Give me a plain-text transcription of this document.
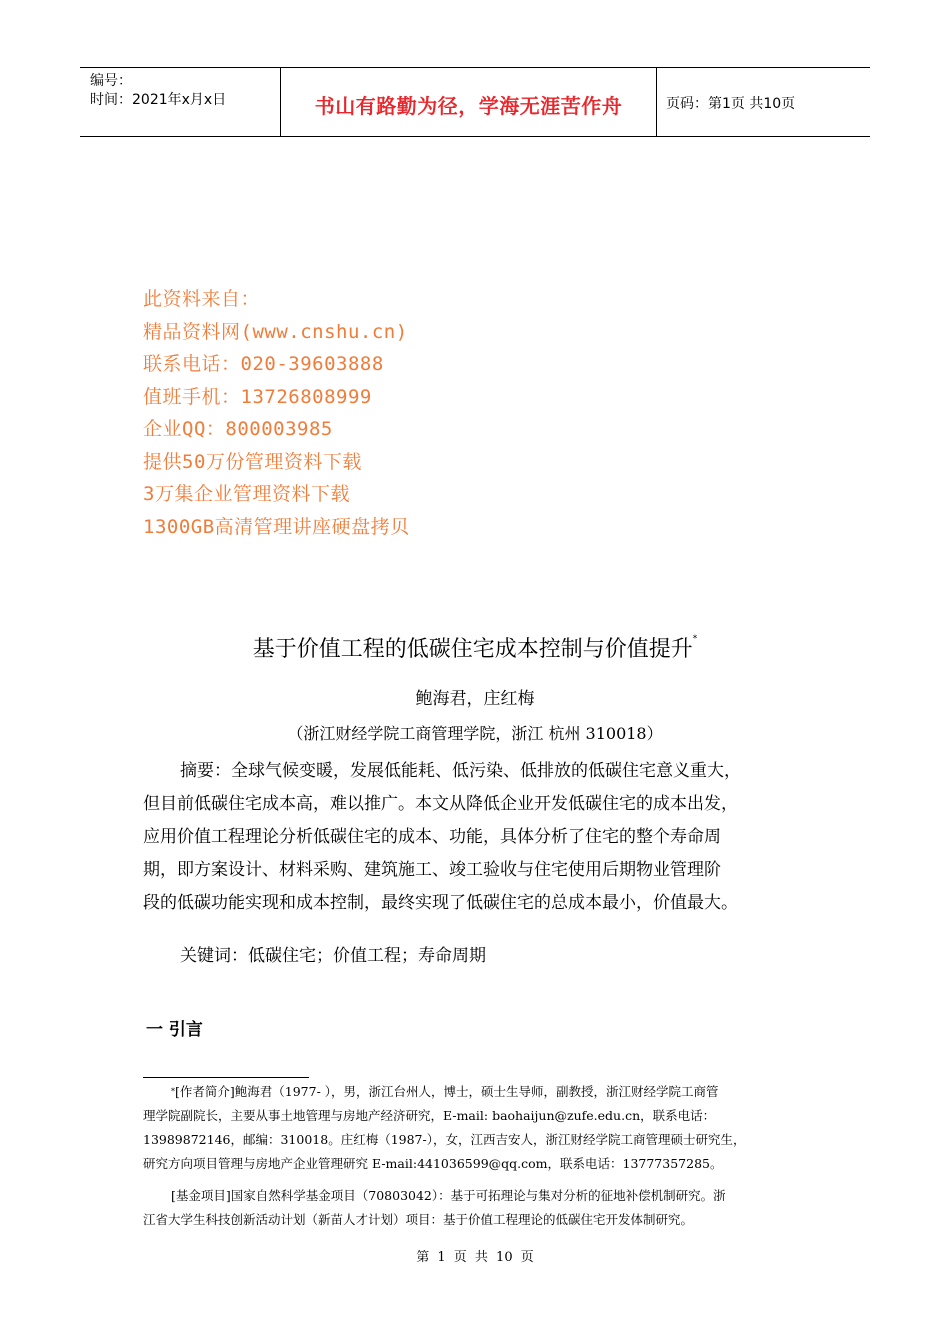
编号：
时间：2021年x月x日	书山有路勤为径，学海无涯苦作舟	页码：第1页 共10页
此资料来自：
精品资料网(www.cnshu.cn)
联系电话：020-39603888
值班手机：13726808999
企业QQ：800003985
提供50万份管理资料下载
3万集企业管理资料下载
1300GB高清管理讲座硬盘拷贝
基于价值工程的低碳住宅成本控制与价值提升*
鲍海君，庄红梅
（浙江财经学院工商管理学院，浙江 杭州 310018）
摘要：全球气候变暖，发展低能耗、低污染、低排放的低碳住宅意义重大，
但目前低碳住宅成本高，难以推广。本文从降低企业开发低碳住宅的成本出发，
应用价值工程理论分析低碳住宅的成本、功能，具体分析了住宅的整个寿命周
期，即方案设计、材料采购、建筑施工、竣工验收与住宅使用后期物业管理阶
段的低碳功能实现和成本控制，最终实现了低碳住宅的总成本最小，价值最大。
关键词：低碳住宅；价值工程；寿命周期
一 引言
*[作者简介]鲍海君（1977- ），男，浙江台州人，博士，硕士生导师，副教授，浙江财经学院工商管
理学院副院长，主要从事土地管理与房地产经济研究，E-mail: baohaijun@zufe.edu.cn，联系电话：
13989872146，邮编：310018。庄红梅（1987-），女，江西吉安人，浙江财经学院工商管理硕士研究生，
研究方向项目管理与房地产企业管理研究 E-mail:441036599@qq.com，联系电话：13777357285。
[基金项目]国家自然科学基金项目（70803042）：基于可拓理论与集对分析的征地补偿机制研究。浙
江省大学生科技创新活动计划（新苗人才计划）项目：基于价值工程理论的低碳住宅开发体制研究。
第 1 页 共 10 页
